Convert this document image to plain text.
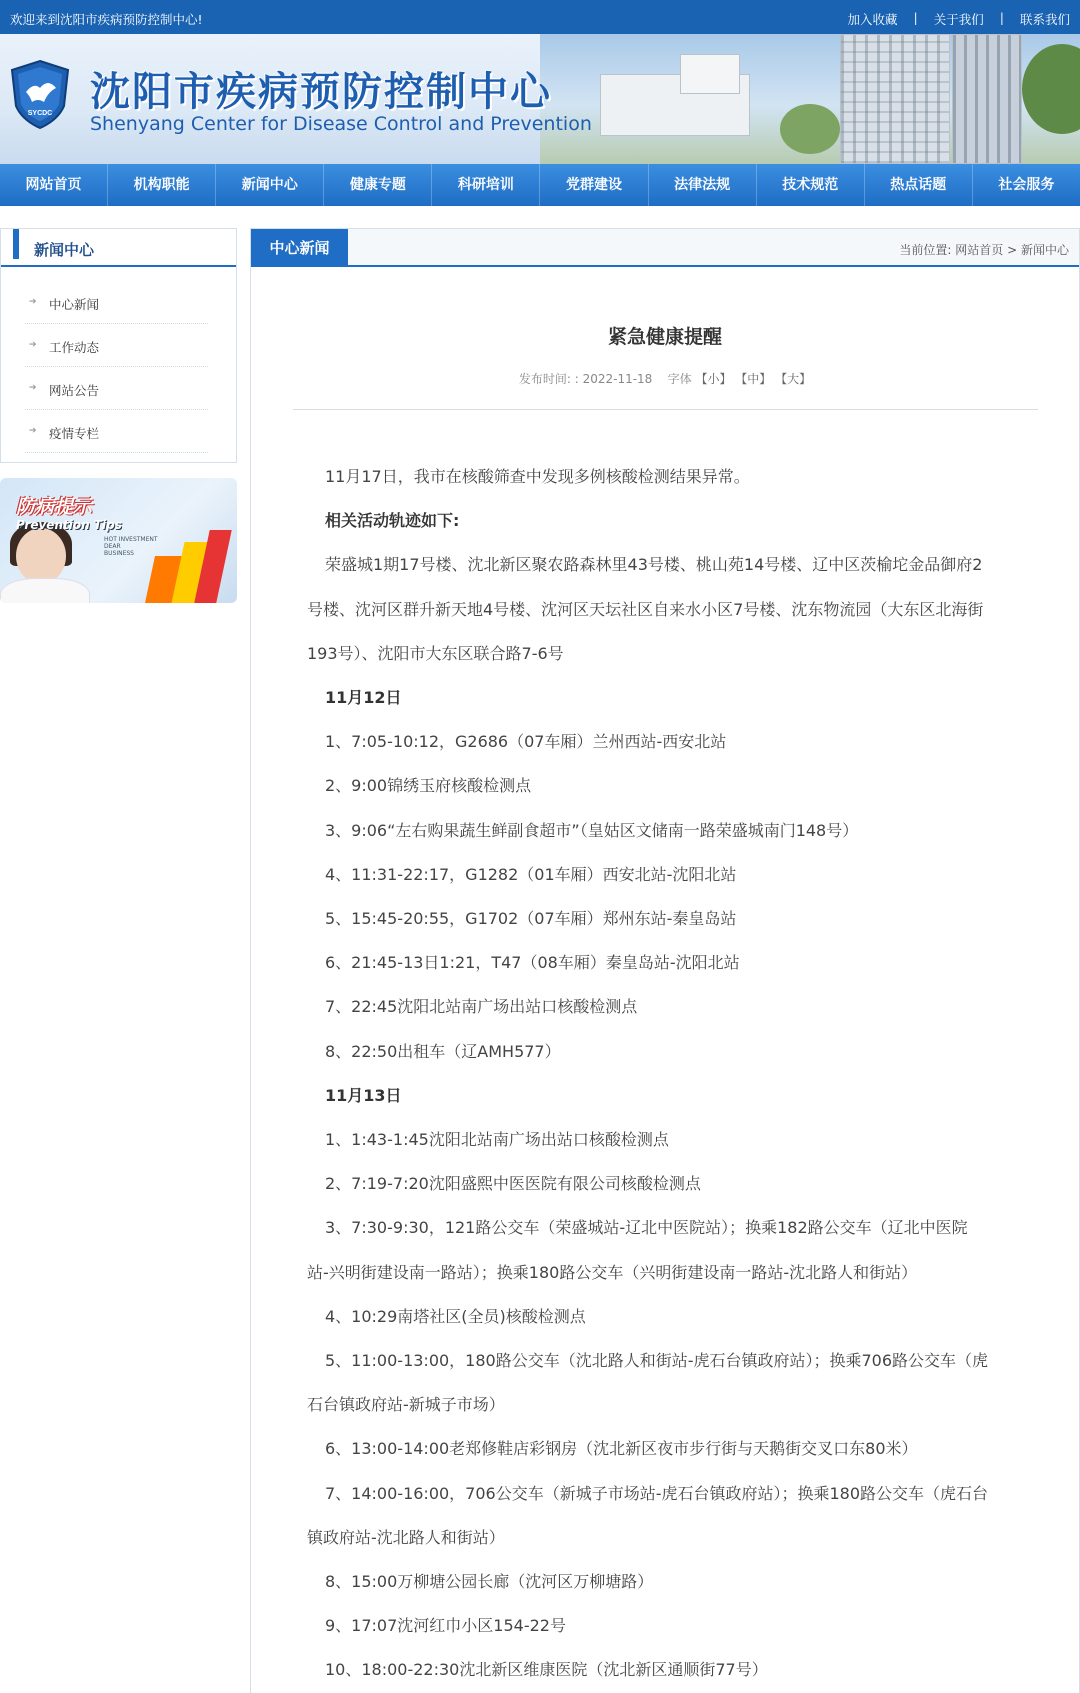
欢迎来到沈阳市疾病预防控制中心!	加入收藏 | 关于我们 | 联系我们
SYCDC 沈阳市疾病预防控制中心
Shenyang Center for Disease Control and Prevention
网站首页	机构职能	新闻中心	健康专题	科研培训	党群建设	法律法规	技术规范	热点话题	社会服务
新闻中心
➔ 中心新闻
➔ 工作动态
➔ 网站公告
➔ 疫情专栏
防病提示
Prevention Tips
HOT INVESTMENT
DEAR
BUSINESS
中心新闻	当前位置: 网站首页 > 新闻中心
紧急健康提醒
发布时间: : 2022-11-18 字体 【小】 【中】 【大】
11月17日，我市在核酸筛查中发现多例核酸检测结果异常。
相关活动轨迹如下:
荣盛城1期17号楼、沈北新区聚农路森林里43号楼、桃山苑14号楼、辽中区茨榆坨金品御府2
号楼、沈河区群升新天地4号楼、沈河区天坛社区自来水小区7号楼、沈东物流园（大东区北海街
193号）、沈阳市大东区联合路7-6号
11月12日
1、7:05-10:12，G2686（07车厢）兰州西站-西安北站
2、9:00锦绣玉府核酸检测点
3、9:06“左右购果蔬生鲜副食超市”（皇姑区文储南一路荣盛城南门148号）
4、11:31-22:17，G1282（01车厢）西安北站-沈阳北站
5、15:45-20:55，G1702（07车厢）郑州东站-秦皇岛站
6、21:45-13日1:21，T47（08车厢）秦皇岛站-沈阳北站
7、22:45沈阳北站南广场出站口核酸检测点
8、22:50出租车（辽AMH577）
11月13日
1、1:43-1:45沈阳北站南广场出站口核酸检测点
2、7:19-7:20沈阳盛熙中医医院有限公司核酸检测点
3、7:30-9:30，121路公交车（荣盛城站-辽北中医院站）；换乘182路公交车（辽北中医院
站-兴明街建设南一路站）；换乘180路公交车（兴明街建设南一路站-沈北路人和街站）
4、10:29南塔社区(全员)核酸检测点
5、11:00-13:00，180路公交车（沈北路人和街站-虎石台镇政府站）；换乘706路公交车（虎
石台镇政府站-新城子市场）
6、13:00-14:00老郑修鞋店彩钢房（沈北新区夜市步行街与天鹅街交叉口东80米）
7、14:00-16:00，706公交车（新城子市场站-虎石台镇政府站）；换乘180路公交车（虎石台
镇政府站-沈北路人和街站）
8、15:00万柳塘公园长廊（沈河区万柳塘路）
9、17:07沈河红巾小区154-22号
10、18:00-22:30沈北新区维康医院（沈北新区通顺街77号）
